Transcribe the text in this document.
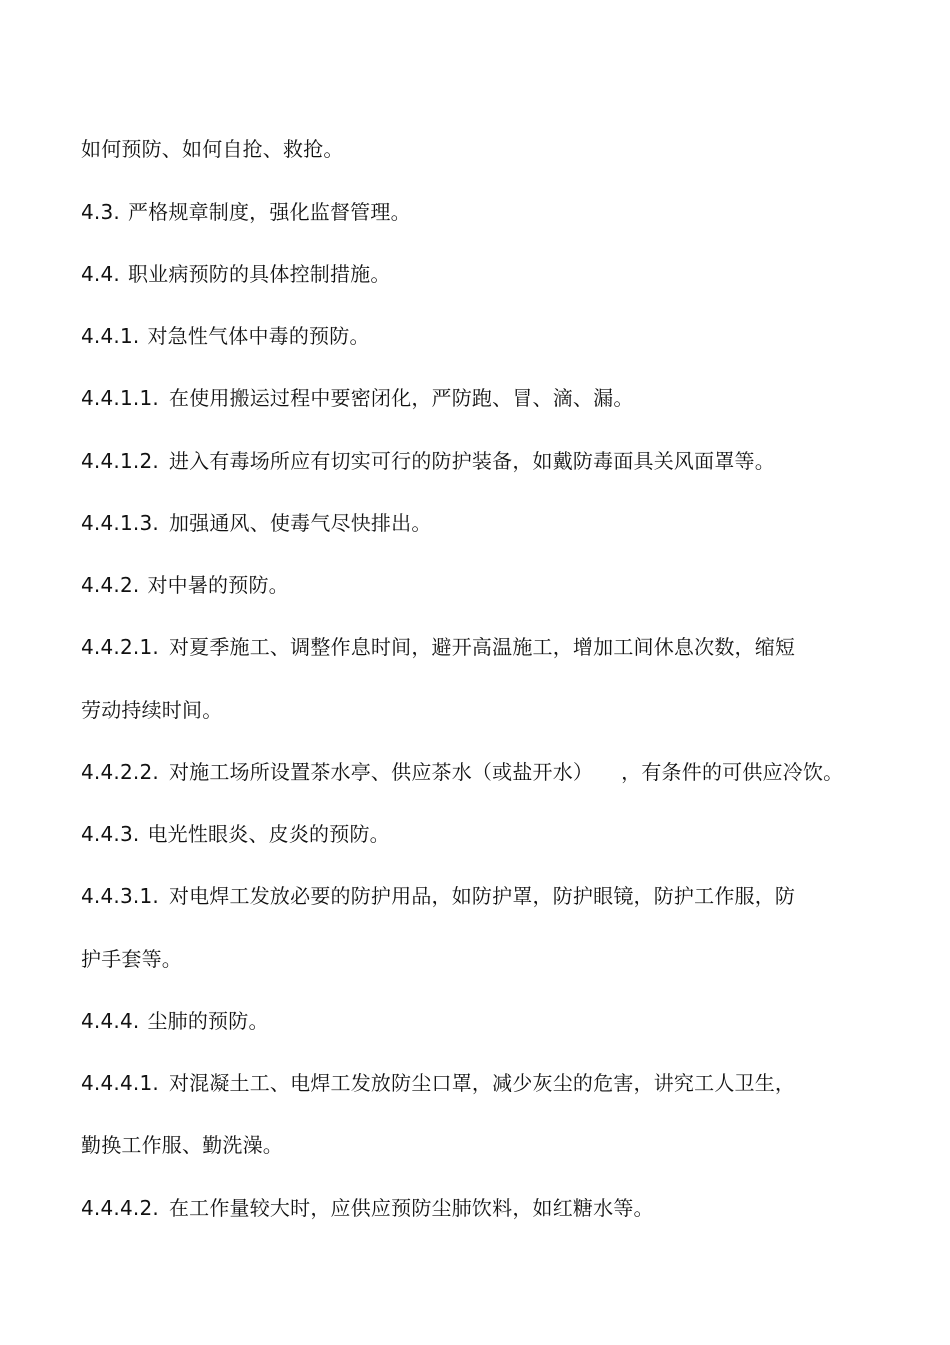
如何预防、如何自抢、救抢。
4.3. 严格规章制度，强化监督管理。
4.4. 职业病预防的具体控制措施。
4.4.1. 对急性气体中毒的预防。
4.4.1.1. 在使用搬运过程中要密闭化，严防跑、冒、滴、漏。
4.4.1.2. 进入有毒场所应有切实可行的防护装备，如戴防毒面具关风面罩等。
4.4.1.3. 加强通风、使毒气尽快排出。
4.4.2. 对中暑的预防。
4.4.2.1. 对夏季施工、调整作息时间，避开高温施工，增加工间休息次数，缩短
劳动持续时间。
4.4.2.2. 对施工场所设置茶水亭、供应茶水（或盐开水） ，有条件的可供应冷饮。
4.4.3. 电光性眼炎、皮炎的预防。
4.4.3.1. 对电焊工发放必要的防护用品，如防护罩，防护眼镜，防护工作服，防
护手套等。
4.4.4. 尘肺的预防。
4.4.4.1. 对混凝土工、电焊工发放防尘口罩，减少灰尘的危害，讲究工人卫生，
勤换工作服、勤洗澡。
4.4.4.2. 在工作量较大时，应供应预防尘肺饮料，如红糖水等。
